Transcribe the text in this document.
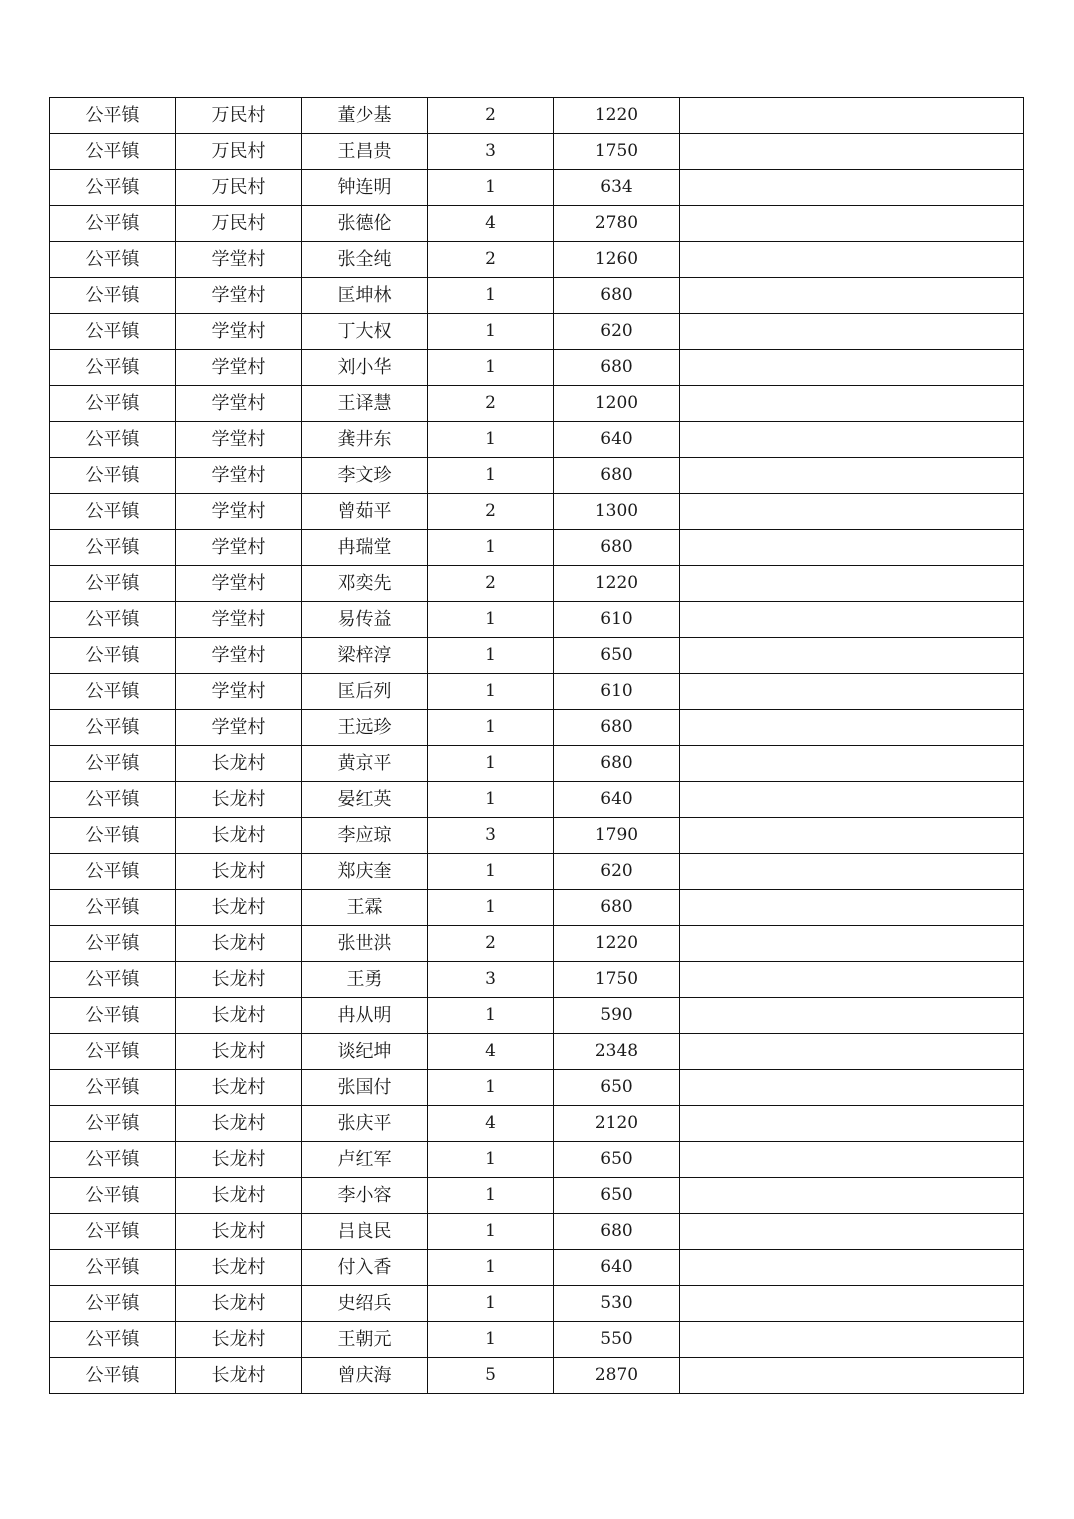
公平镇	万民村	董少基	2	1220	
公平镇	万民村	王昌贵	3	1750	
公平镇	万民村	钟连明	1	634	
公平镇	万民村	张德伦	4	2780	
公平镇	学堂村	张全纯	2	1260	
公平镇	学堂村	匡坤林	1	680	
公平镇	学堂村	丁大权	1	620	
公平镇	学堂村	刘小华	1	680	
公平镇	学堂村	王译慧	2	1200	
公平镇	学堂村	龚井东	1	640	
公平镇	学堂村	李文珍	1	680	
公平镇	学堂村	曾茹平	2	1300	
公平镇	学堂村	冉瑞堂	1	680	
公平镇	学堂村	邓奕先	2	1220	
公平镇	学堂村	易传益	1	610	
公平镇	学堂村	梁梓淳	1	650	
公平镇	学堂村	匡后列	1	610	
公平镇	学堂村	王远珍	1	680	
公平镇	长龙村	黄京平	1	680	
公平镇	长龙村	晏红英	1	640	
公平镇	长龙村	李应琼	3	1790	
公平镇	长龙村	郑庆奎	1	620	
公平镇	长龙村	王霖	1	680	
公平镇	长龙村	张世洪	2	1220	
公平镇	长龙村	王勇	3	1750	
公平镇	长龙村	冉从明	1	590	
公平镇	长龙村	谈纪坤	4	2348	
公平镇	长龙村	张国付	1	650	
公平镇	长龙村	张庆平	4	2120	
公平镇	长龙村	卢红军	1	650	
公平镇	长龙村	李小容	1	650	
公平镇	长龙村	吕良民	1	680	
公平镇	长龙村	付入香	1	640	
公平镇	长龙村	史绍兵	1	530	
公平镇	长龙村	王朝元	1	550	
公平镇	长龙村	曾庆海	5	2870	
